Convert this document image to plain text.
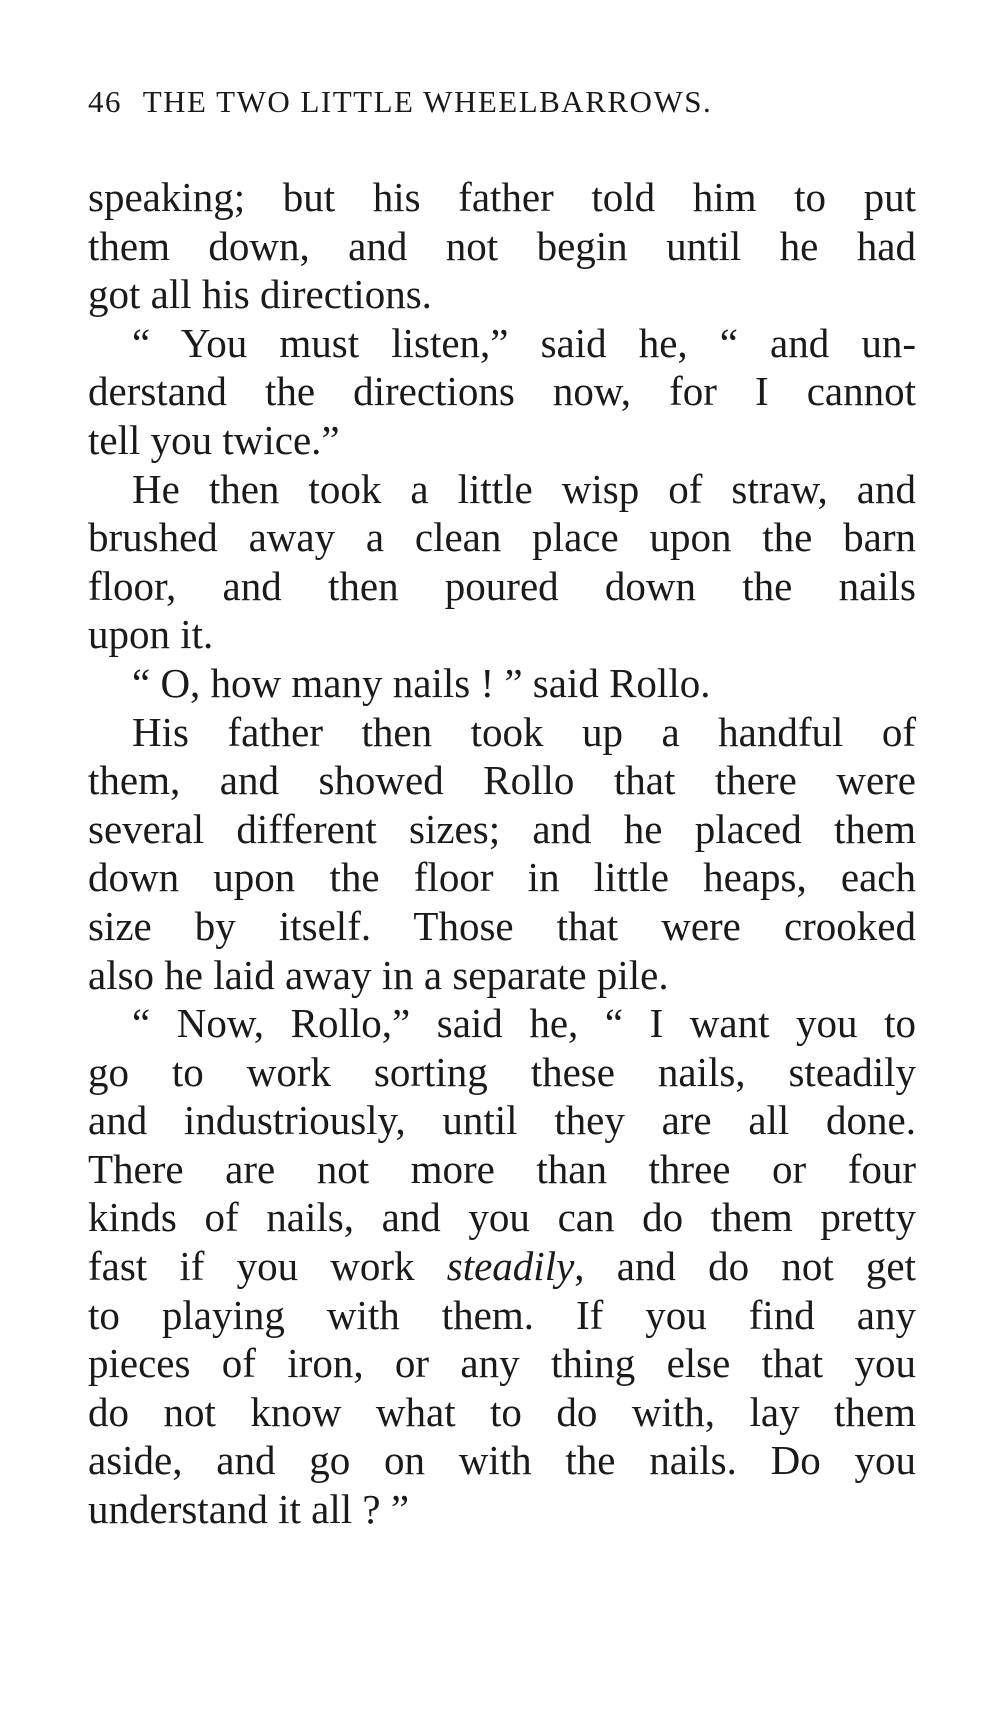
46 THE TWO LITTLE WHEELBARROWS.
speaking; but his father told him to put
them down, and not begin until he had
got all his directions.
“ You must listen,” said he, “ and un-
derstand the directions now, for I cannot
tell you twice.”
He then took a little wisp of straw, and
brushed away a clean place upon the barn
floor, and then poured down the nails
upon it.
“ O, how many nails ! ” said Rollo.
His father then took up a handful of
them, and showed Rollo that there were
several different sizes; and he placed them
down upon the floor in little heaps, each
size by itself. Those that were crooked
also he laid away in a separate pile.
“ Now, Rollo,” said he, “ I want you to
go to work sorting these nails, steadily
and industriously, until they are all done.
There are not more than three or four
kinds of nails, and you can do them pretty
fast if you work steadily, and do not get
to playing with them. If you find any
pieces of iron, or any thing else that you
do not know what to do with, lay them
aside, and go on with the nails. Do you
understand it all ? ”
